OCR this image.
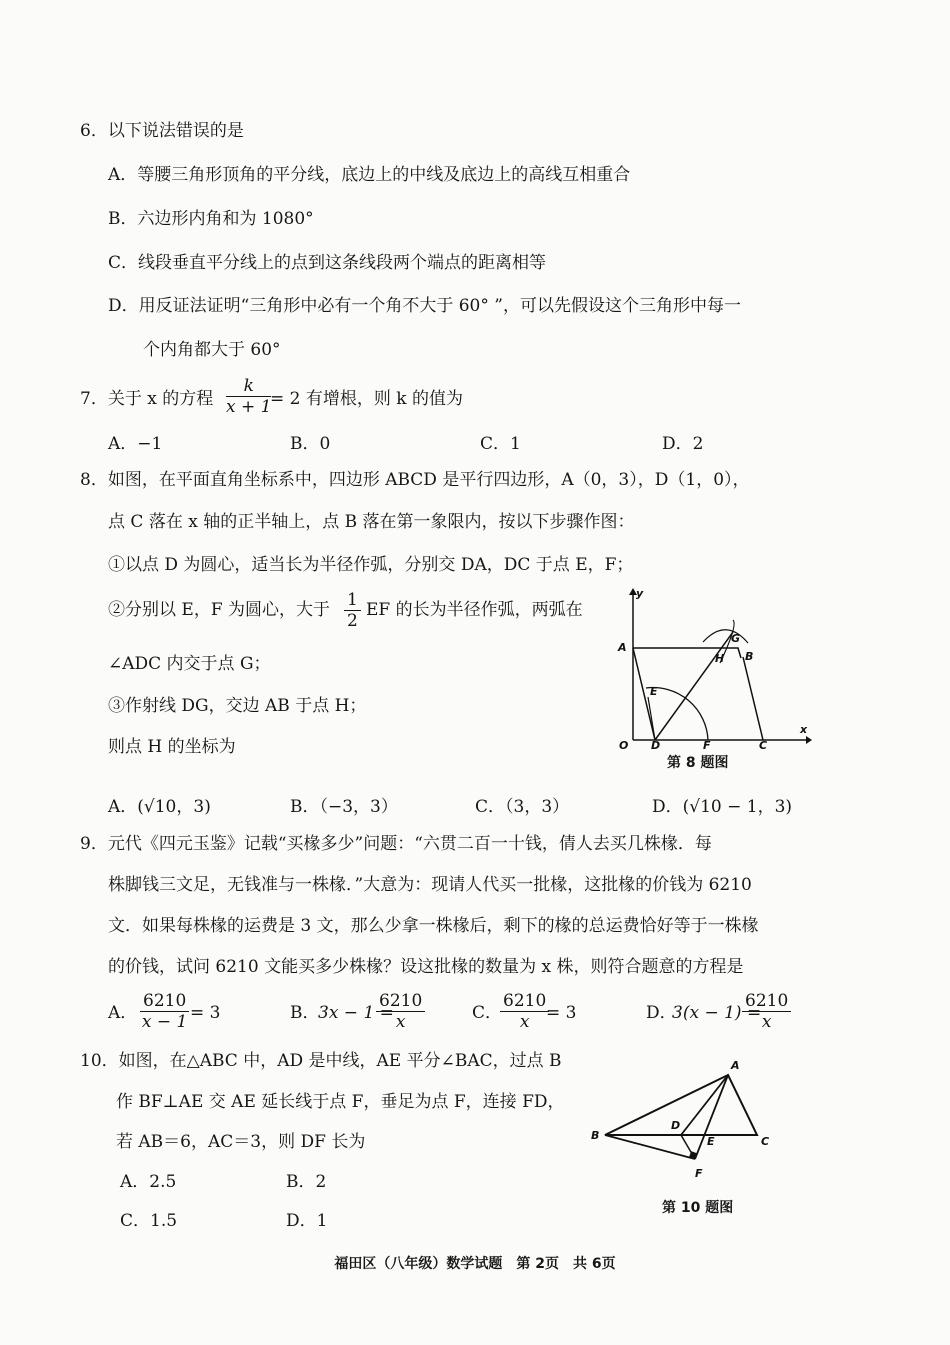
6．以下说法错误的是
A．等腰三角形顶角的平分线，底边上的中线及底边上的高线互相重合
B．六边形内角和为 1080°
C．线段垂直平分线上的点到这条线段两个端点的距离相等
D．用反证法证明“三角形中必有一个角不大于 60° ”，可以先假设这个三角形中每一
个内角都大于 60°
7．关于 x 的方程 $\frac{k}{x + 1}$
= 2 有增根，则 k 的值为
A．−1	B．0	C．1	D．2
8．如图，在平面直角坐标系中，四边形 ABCD 是平行四边形，A（0，3），D（1，0），
点 C 落在 x 轴的正半轴上，点 B 落在第一象限内，按以下步骤作图：
①以点 D 为圆心，适当长为半径作弧，分别交 DA，DC 于点 E，F；
②分别以 E，F 为圆心，大于 $\frac{1}{2}$ EF 的长为半径作弧，两弧在
∠ADC 内交于点 G；
③作射线 DG，交边 AB 于点 H；
则点 H 的坐标为
y
x
A
B
G
H
E
O D	F	C
第 8 题图
A．(√10，3)	B．（−3，3）	C．（3，3）	D．(√10 − 1，3)
9．元代《四元玉鉴》记载“买椽多少”问题：“六贯二百一十钱，倩人去买几株椽．每
株脚钱三文足，无钱准与一株椽．”大意为：现请人代买一批椽，这批椽的价钱为 6210
文．如果每株椽的运费是 3 文，那么少拿一株椽后，剩下的椽的总运费恰好等于一株椽
的价钱，试问 6210 文能买多少株椽？设这批椽的数量为 x 株，则符合题意的方程是
A． $\frac{6210}{x - 1} = 3$	B．
3x − 1 =
$\frac{6210}{x}$	C．
$\frac{6210}{x}$
= 3	D．
3(x − 1) =
$\frac{6210}{x}$
10．如图，在△ABC 中，AD 是中线，AE 平分∠BAC，过点 B
作 BF⊥AE 交 AE 延长线于点 F，垂足为点 F，连接 FD，
若 AB＝6，AC＝3，则 DF 长为
A．2.5	B．2
C．1.5	D．1
A
B	C
D
E
F
第 10 题图
福田区（八年级）数学试题　第 2页　共 6页
